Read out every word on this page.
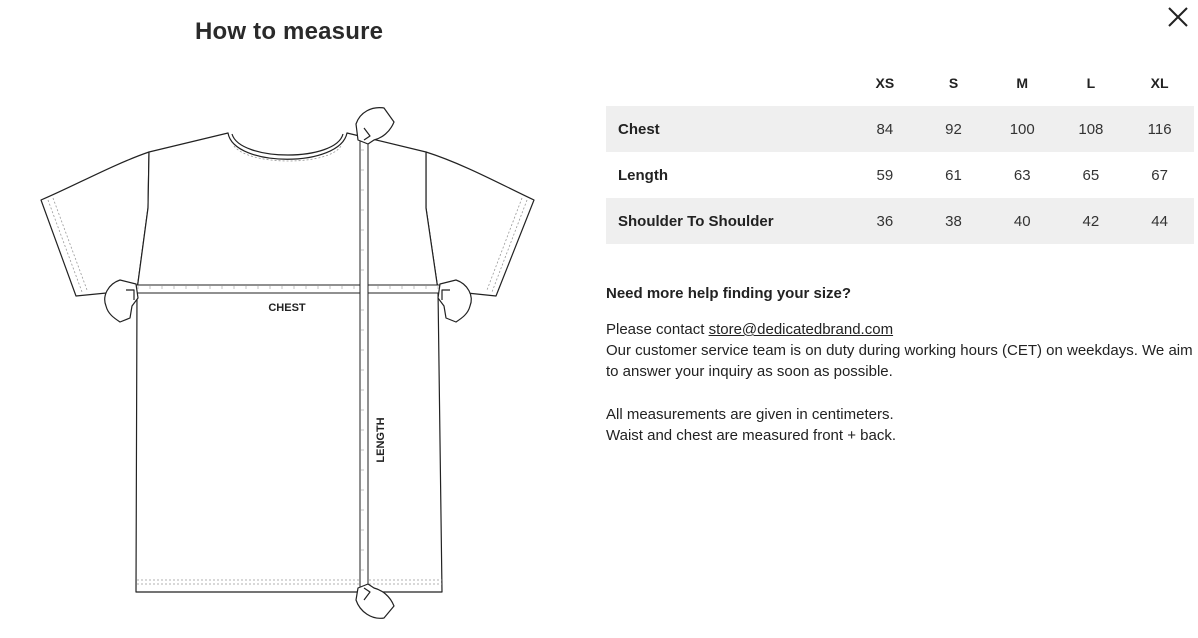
How to measure
CHEST
LENGTH
	XS	S	M	L	XL
Chest	84	92	100	108	116
Length	59	61	63	65	67
Shoulder To Shoulder	36	38	40	42	44
Need more help finding your size?

Please contact store@dedicatedbrand.com

Our customer service team is on duty during working hours (CET) on weekdays. We aim to answer your inquiry as soon as possible.

All measurements are given in centimeters.

Waist and chest are measured front + back.
